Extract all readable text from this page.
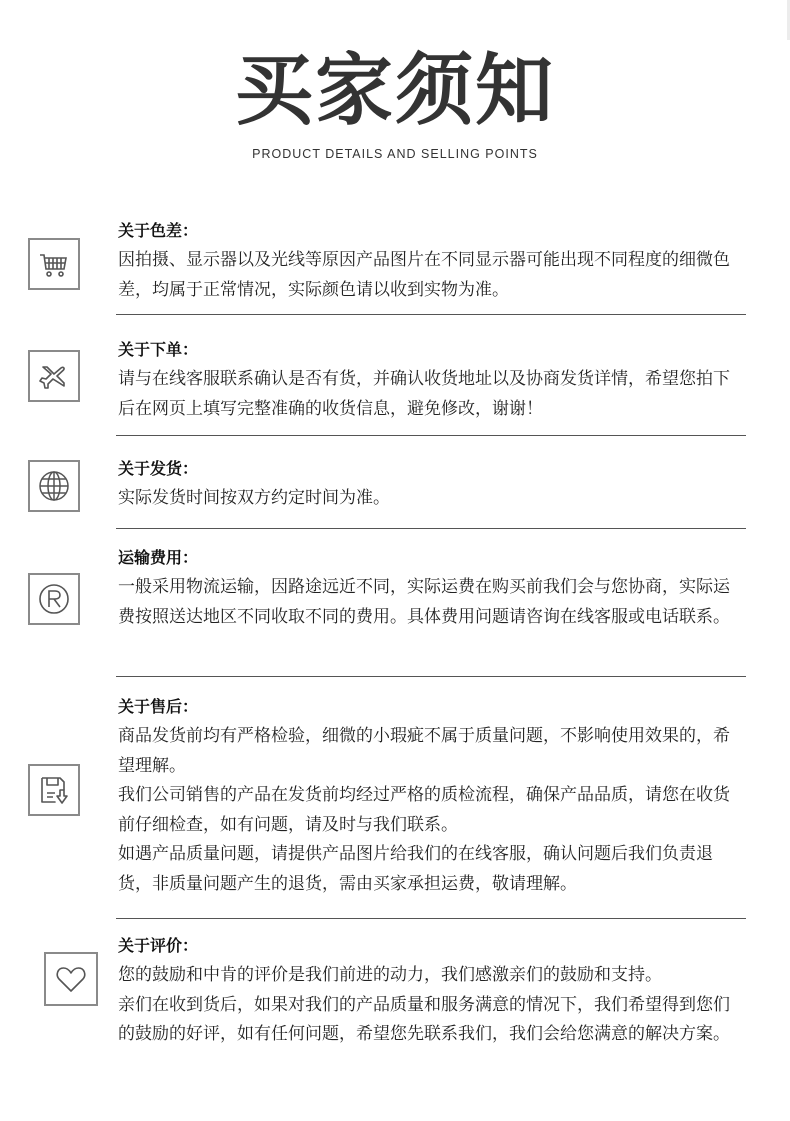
买家须知
PRODUCT DETAILS AND SELLING POINTS
关于色差：

因拍摄、显示器以及光线等原因产品图片在不同显示器可能出现不同程度的细微色差，均属于正常情况，实际颜色请以收到实物为准。

关于下单：

请与在线客服联系确认是否有货，并确认收货地址以及协商发货详情，希望您拍下后在网页上填写完整准确的收货信息，避免修改，谢谢！

关于发货：

实际发货时间按双方约定时间为准。

运输费用：

一般采用物流运输，因路途远近不同，实际运费在购买前我们会与您协商，实际运费按照送达地区不同收取不同的费用。具体费用问题请咨询在线客服或电话联系。

关于售后：

商品发货前均有严格检验，细微的小瑕疵不属于质量问题，不影响使用效果的，希望理解。

我们公司销售的产品在发货前均经过严格的质检流程，确保产品品质，请您在收货前仔细检查，如有问题，请及时与我们联系。

如遇产品质量问题，请提供产品图片给我们的在线客服，确认问题后我们负责退货，非质量问题产生的退货，需由买家承担运费，敬请理解。

关于评价：

您的鼓励和中肯的评价是我们前进的动力，我们感激亲们的鼓励和支持。

亲们在收到货后，如果对我们的产品质量和服务满意的情况下，我们希望得到您们的鼓励的好评，如有任何问题，希望您先联系我们，我们会给您满意的解决方案。
